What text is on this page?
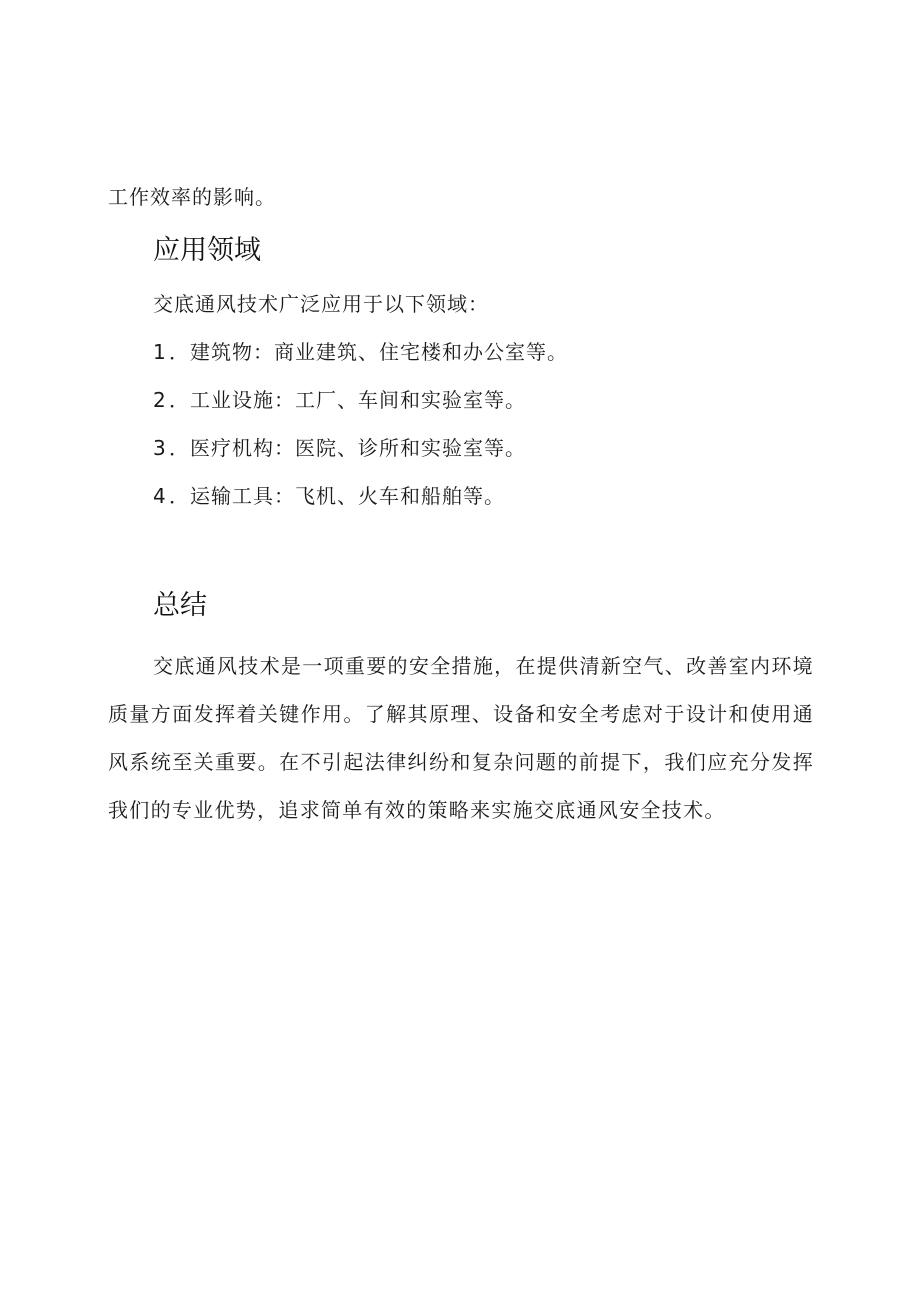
工作效率的影响。

应用领域

交底通风技术广泛应用于以下领域：

1 ．建筑物：商业建筑、住宅楼和办公室等。
2 ．工业设施：工厂、车间和实验室等。
3 ．医疗机构：医院、诊所和实验室等。
4 ．运输工具：飞机、火车和船舶等。
总结

交底通风技术是一项重要的安全措施，在提供清新空气、改善室内环境质量方面发挥着关键作用。了解其原理、设备和安全考虑对于设计和使用通风系统至关重要。在不引起法律纠纷和复杂问题的前提下，我们应充分发挥我们的专业优势，追求简单有效的策略来实施交底通风安全技术。
